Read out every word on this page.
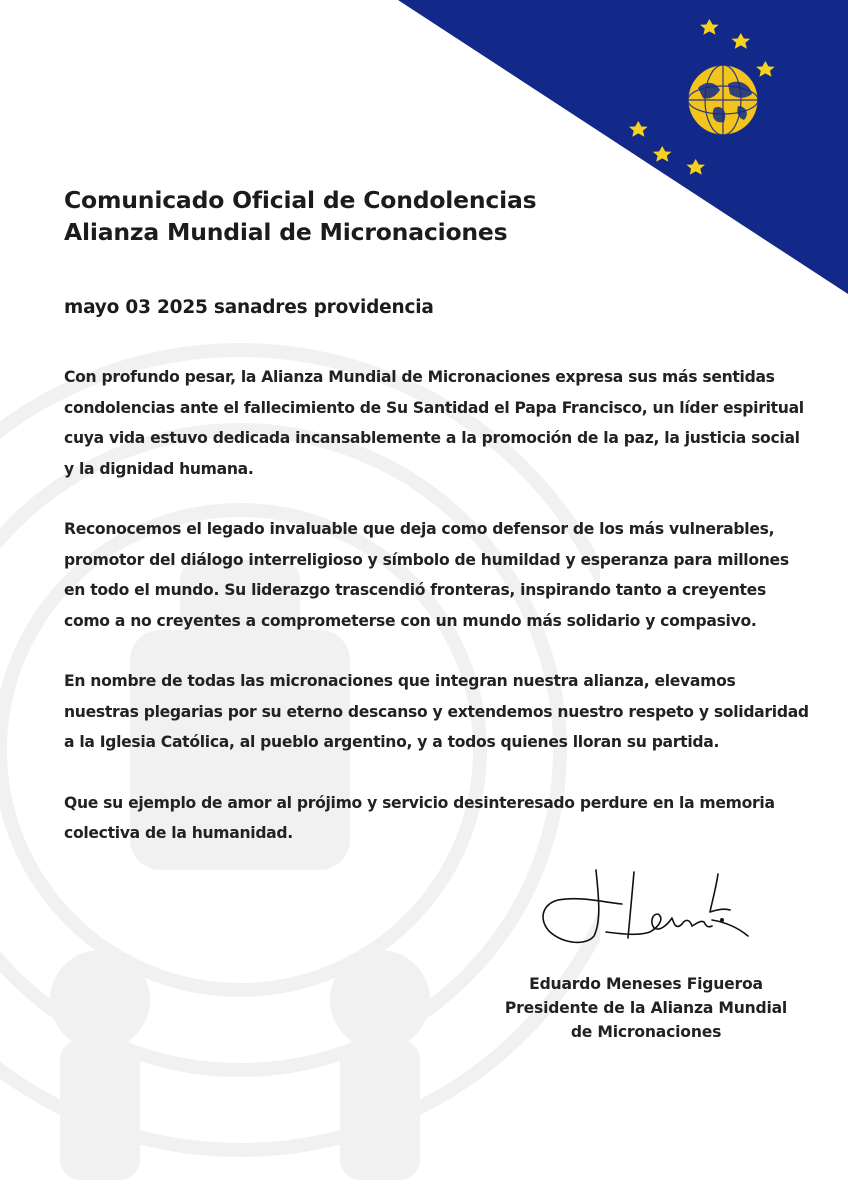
Comunicado Oficial de Condolencias
Alianza Mundial de Micronaciones
mayo 03 2025 sanadres providencia

Con profundo pesar, la Alianza Mundial de Micronaciones expresa sus más sentidas
condolencias ante el fallecimiento de Su Santidad el Papa Francisco, un líder espiritual
cuya vida estuvo dedicada incansablemente a la promoción de la paz, la justicia social
y la dignidad humana.

Reconocemos el legado invaluable que deja como defensor de los más vulnerables,
promotor del diálogo interreligioso y símbolo de humildad y esperanza para millones
en todo el mundo. Su liderazgo trascendió fronteras, inspirando tanto a creyentes
como a no creyentes a comprometerse con un mundo más solidario y compasivo.

En nombre de todas las micronaciones que integran nuestra alianza, elevamos
nuestras plegarias por su eterno descanso y extendemos nuestro respeto y solidaridad
a la Iglesia Católica, al pueblo argentino, y a todos quienes lloran su partida.

Que su ejemplo de amor al prójimo y servicio desinteresado perdure en la memoria
colectiva de la humanidad.

Eduardo Meneses Figueroa
Presidente de la Alianza Mundial
de Micronaciones
